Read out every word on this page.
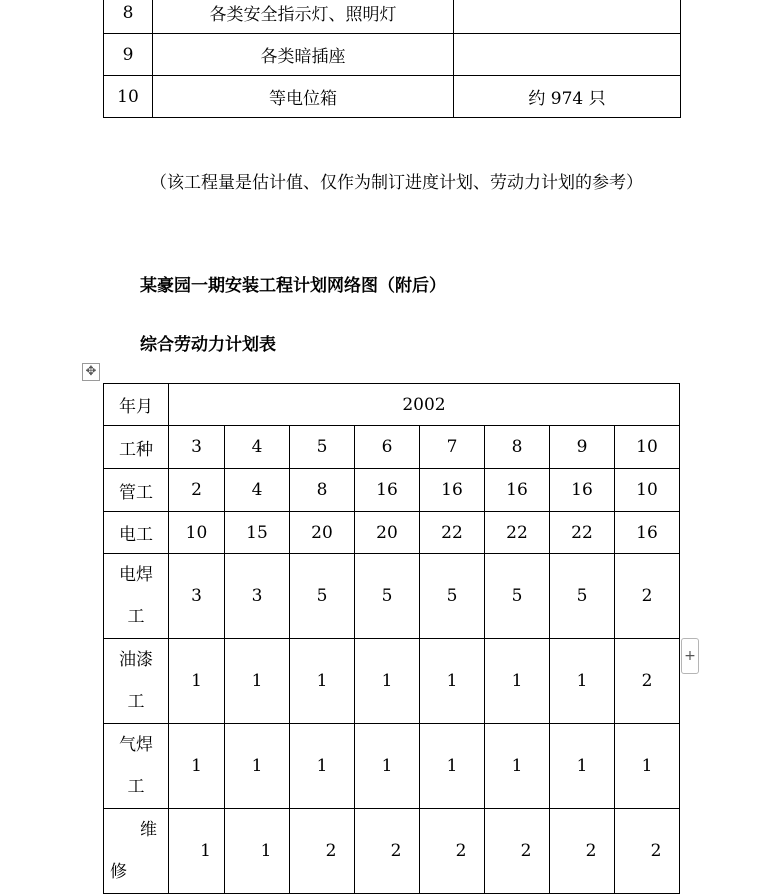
8	各类安全指示灯、照明灯	
9	各类暗插座	
10	等电位箱	约 974 只
（该工程量是估计值、仅作为制订进度计划、劳动力计划的参考）
某豪园一期安装工程计划网络图（附后）
综合劳动力计划表
✥
年月	2002							
工种	3	4	5	6	7	8	9	10
管工	2	4	8	16	16	16	16	10
电工	10	15	20	20	22	22	22	16
电焊
工	3	3	5	5	5	5	5	2
油漆
工	1	1	1	1	1	1	1	2
气焊
工	1	1	1	1	1	1	1	1
维
修	1	1	2	2	2	2	2	2
+
